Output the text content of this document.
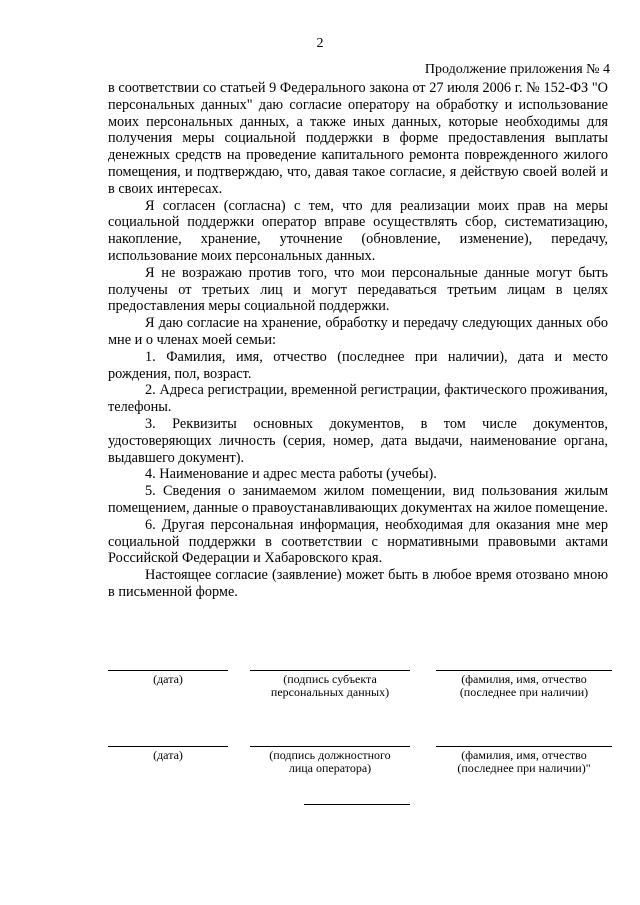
2
Продолжение приложения № 4

в соответствии со статьей 9 Федерального закона от 27 июля 2006 г. № 152-ФЗ "О персональных данных" даю согласие оператору на обработку и использование моих персональных данных, а также иных данных, которые необходимы для получения меры социальной поддержки в форме предоставления выплаты денежных средств на проведение капитального ремонта поврежденного жилого помещения, и подтверждаю, что, давая такое согласие, я действую своей волей и в своих интересах.

Я согласен (согласна) с тем, что для реализации моих прав на меры социальной поддержки оператор вправе осуществлять сбор, систематизацию, накопление, хранение, уточнение (обновление, изменение), передачу, использование моих персональных данных.

Я не возражаю против того, что мои персональные данные могут быть получены от третьих лиц и могут передаваться третьим лицам в целях предоставления меры социальной поддержки.

Я даю согласие на хранение, обработку и передачу следующих данных обо мне и о членах моей семьи:

1. Фамилия, имя, отчество (последнее при наличии), дата и место рождения, пол, возраст.

2. Адреса регистрации, временной регистрации, фактического проживания, телефоны.

3. Реквизиты основных документов, в том числе документов, удостоверяющих личность (серия, номер, дата выдачи, наименование органа, выдавшего документ).

4. Наименование и адрес места работы (учебы).

5. Сведения о занимаемом жилом помещении, вид пользования жилым помещением, данные о правоустанавливающих документах на жилое помещение.

6. Другая персональная информация, необходимая для оказания мне мер социальной поддержки в соответствии с нормативными правовыми актами Российской Федерации и Хабаровского края.

Настоящее согласие (заявление) может быть в любое время отозвано мною в письменной форме.

(дата)	(подпись субъекта
персональных данных)
(фамилия, имя, отчество
(последнее при наличии)
(дата)	(подпись должностного
лица оператора)
(фамилия, имя, отчество
(последнее при наличии)"
